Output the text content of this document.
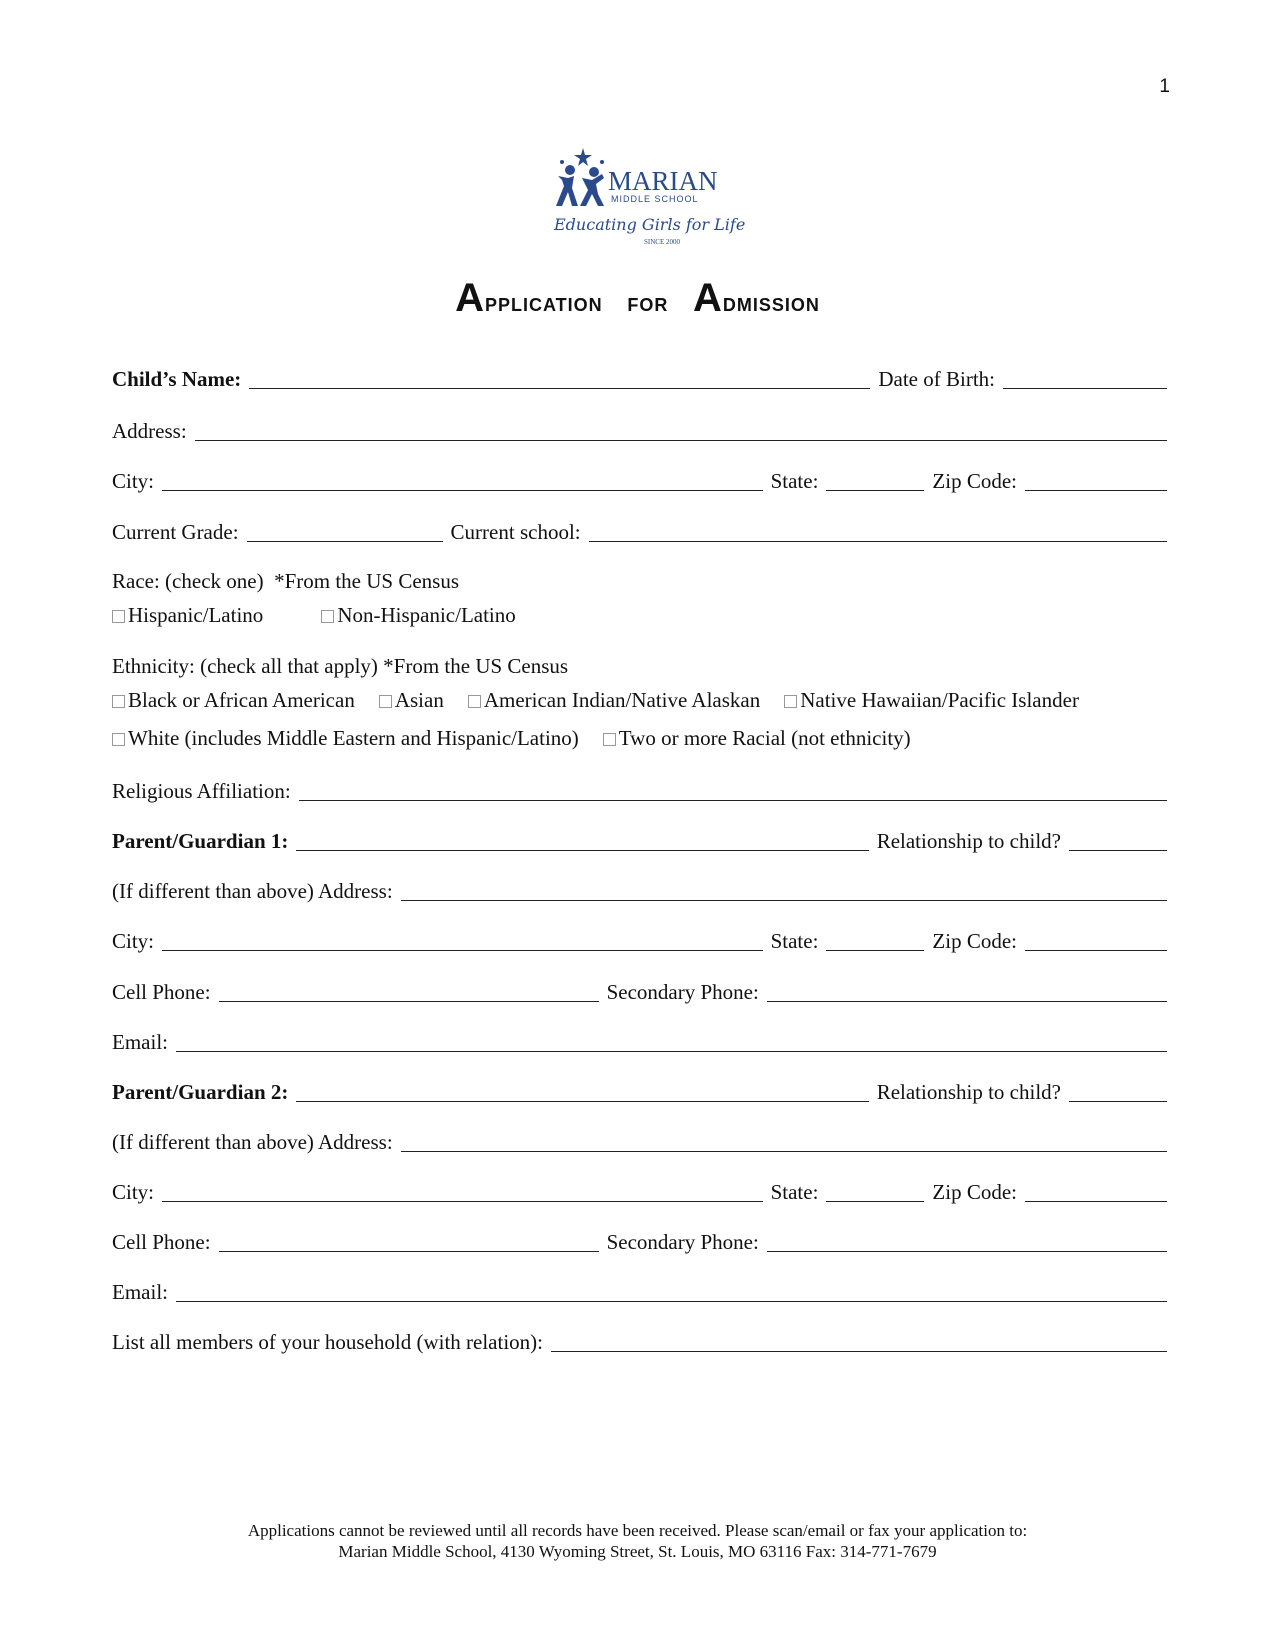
1
MARIAN
MIDDLE SCHOOL
Educating Girls for Life
SINCE 2000
Application for Admission
Child’s Name:	Date of Birth:
Address:
City:	State:	Zip Code:
Current Grade:	Current school:
Race: (check one)  *From the US Census
Hispanic/Latino	Non-Hispanic/Latino
Ethnicity: (check all that apply) *From the US Census
Black or African American Asian American Indian/Native Alaskan Native Hawaiian/Pacific Islander
White (includes Middle Eastern and Hispanic/Latino) Two or more Racial (not ethnicity)
Religious Affiliation:
Parent/Guardian 1:	Relationship to child?
(If different than above) Address:
City:	State:	Zip Code:
Cell Phone:	Secondary Phone:
Email:
Parent/Guardian 2:	Relationship to child?
(If different than above) Address:
City:	State:	Zip Code:
Cell Phone:	Secondary Phone:
Email:
List all members of your household (with relation):
Applications cannot be reviewed until all records have been received. Please scan/email or fax your application to:
Marian Middle School, 4130 Wyoming Street, St. Louis, MO 63116 Fax: 314-771-7679
